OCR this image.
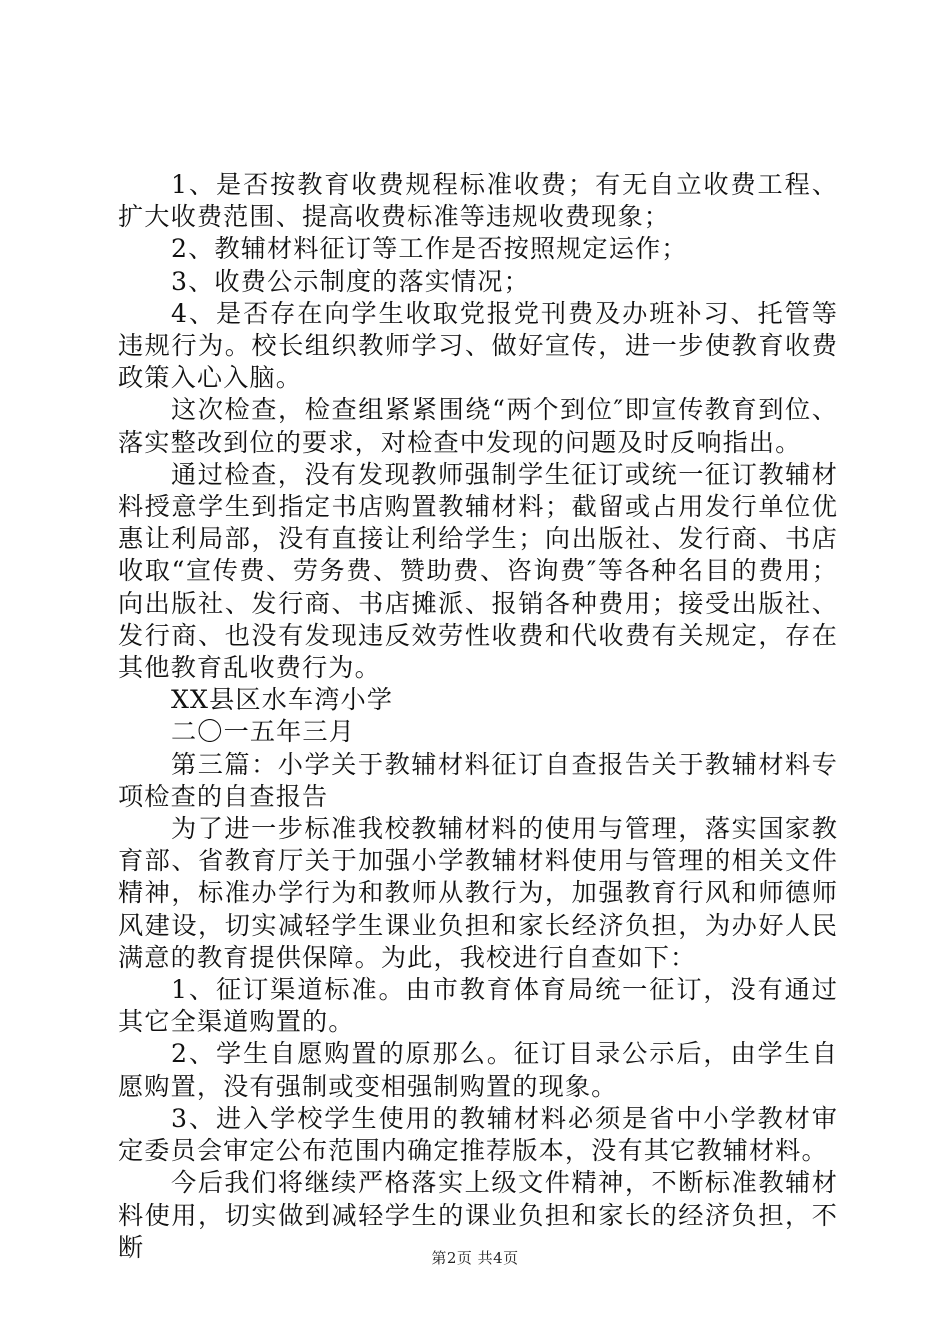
1、是否按教育收费规程标准收费；有无自立收费工程、扩大收费范围、提高收费标准等违规收费现象；

2、教辅材料征订等工作是否按照规定运作；

3、收费公示制度的落实情况；

4、是否存在向学生收取党报党刊费及办班补习、托管等违规行为。校长组织教师学习、做好宣传，进一步使教育收费政策入心入脑。

这次检查，检查组紧紧围绕“两个到位″即宣传教育到位、落实整改到位的要求，对检查中发现的问题及时反响指出。

通过检查，没有发现教师强制学生征订或统一征订教辅材料授意学生到指定书店购置教辅材料；截留或占用发行单位优惠让利局部，没有直接让利给学生；向出版社、发行商、书店收取“宣传费、劳务费、赞助费、咨询费″等各种名目的费用；向出版社、发行商、书店摊派、报销各种费用；接受出版社、发行商、也没有发现违反效劳性收费和代收费有关规定，存在其他教育乱收费行为。

XX县区水车湾小学

二〇一五年三月

第三篇：小学关于教辅材料征订自查报告关于教辅材料专项检查的自查报告

为了进一步标准我校教辅材料的使用与管理，落实国家教育部、省教育厅关于加强小学教辅材料使用与管理的相关文件精神，标准办学行为和教师从教行为，加强教育行风和师德师风建设，切实减轻学生课业负担和家长经济负担，为办好人民满意的教育提供保障。为此，我校进行自查如下：

1、征订渠道标准。由市教育体育局统一征订，没有通过其它全渠道购置的。

2、学生自愿购置的原那么。征订目录公示后，由学生自愿购置，没有强制或变相强制购置的现象。

3、进入学校学生使用的教辅材料必须是省中小学教材审定委员会审定公布范围内确定推荐版本，没有其它教辅材料。

今后我们将继续严格落实上级文件精神，不断标准教辅材料使用，切实做到减轻学生的课业负担和家长的经济负担，不断	第2页 共4页
